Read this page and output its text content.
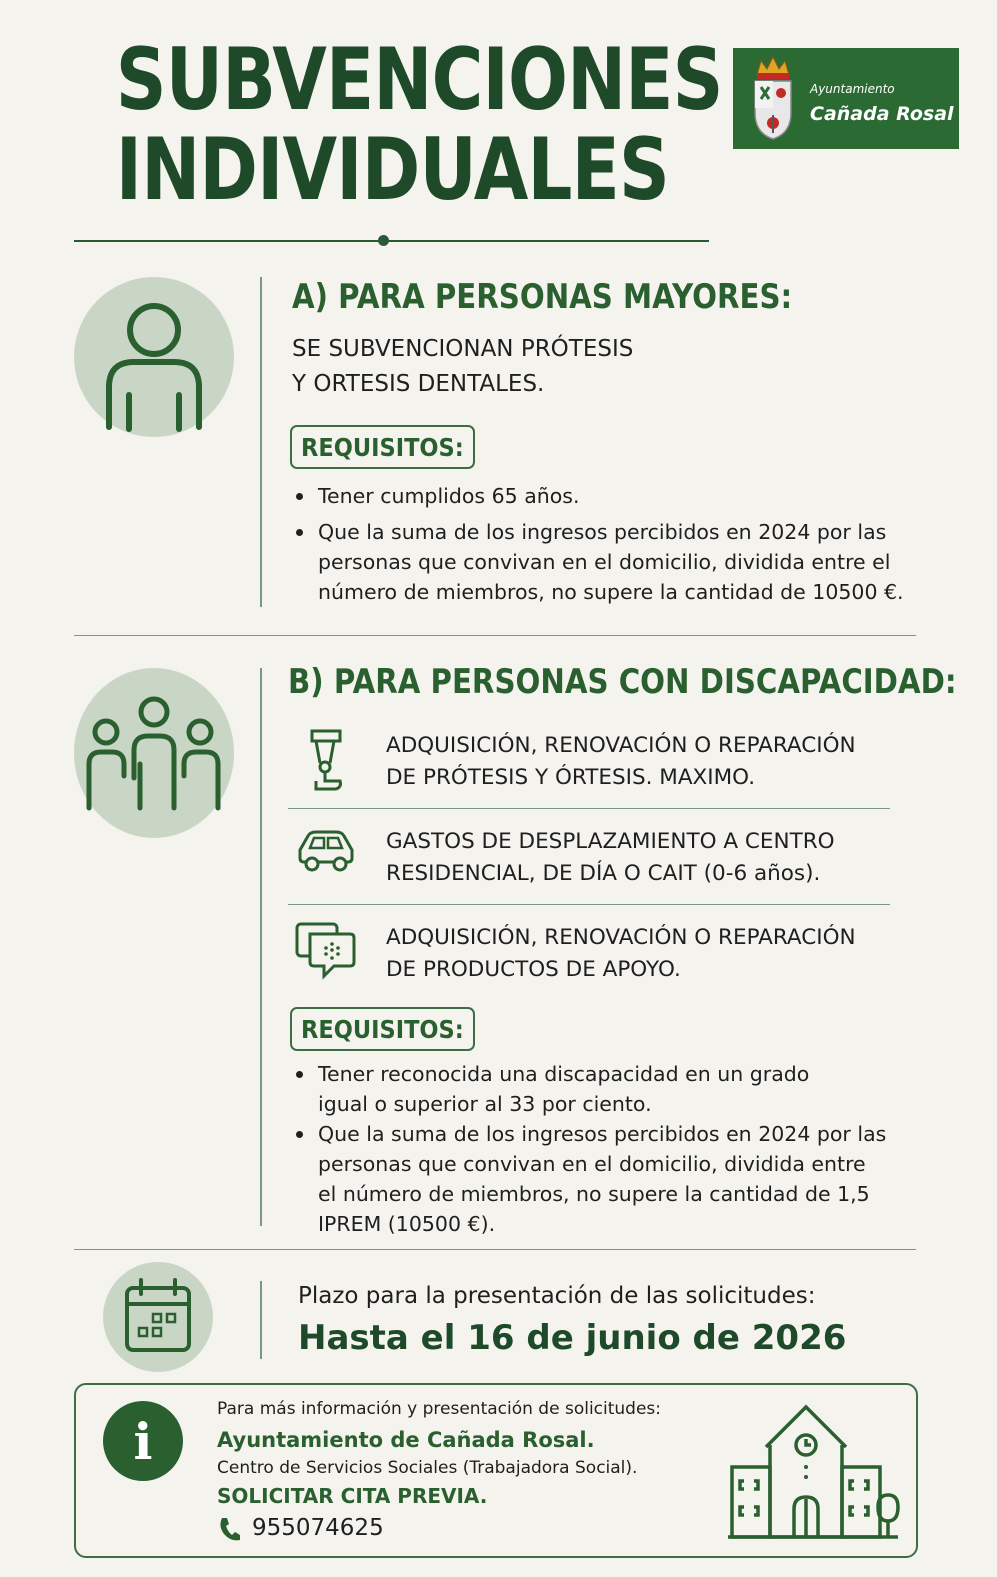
SUBVENCIONES
INDIVIDUALES
Ayuntamiento
Cañada Rosal
A) PARA PERSONAS MAYORES:
SE SUBVENCIONAN PRÓTESIS
Y ORTESIS DENTALES.
REQUISITOS:
Tener cumplidos 65 años.
Que la suma de los ingresos percibidos en 2024 por las personas que convivan en el domicilio, dividida entre el número de miembros, no supere la cantidad de 10500 €.
B) PARA PERSONAS CON DISCAPACIDAD:
ADQUISICIÓN, RENOVACIÓN O REPARACIÓN
DE PRÓTESIS Y ÓRTESIS. MAXIMO.
GASTOS DE DESPLAZAMIENTO A CENTRO
RESIDENCIAL, DE DÍA O CAIT (0-6 años).
ADQUISICIÓN, RENOVACIÓN O REPARACIÓN
DE PRODUCTOS DE APOYO.
REQUISITOS:
Tener reconocida una discapacidad en un grado igual o superior al 33 por ciento.
Que la suma de los ingresos percibidos en 2024 por las personas que convivan en el domicilio, dividida entre el número de miembros, no supere la cantidad de 1,5 IPREM (10500 €).
Plazo para la presentación de las solicitudes:
Hasta el 16 de junio de 2026
i
Para más información y presentación de solicitudes:
Ayuntamiento de Cañada Rosal.
Centro de Servicios Sociales (Trabajadora Social).
SOLICITAR CITA PREVIA.
955074625
